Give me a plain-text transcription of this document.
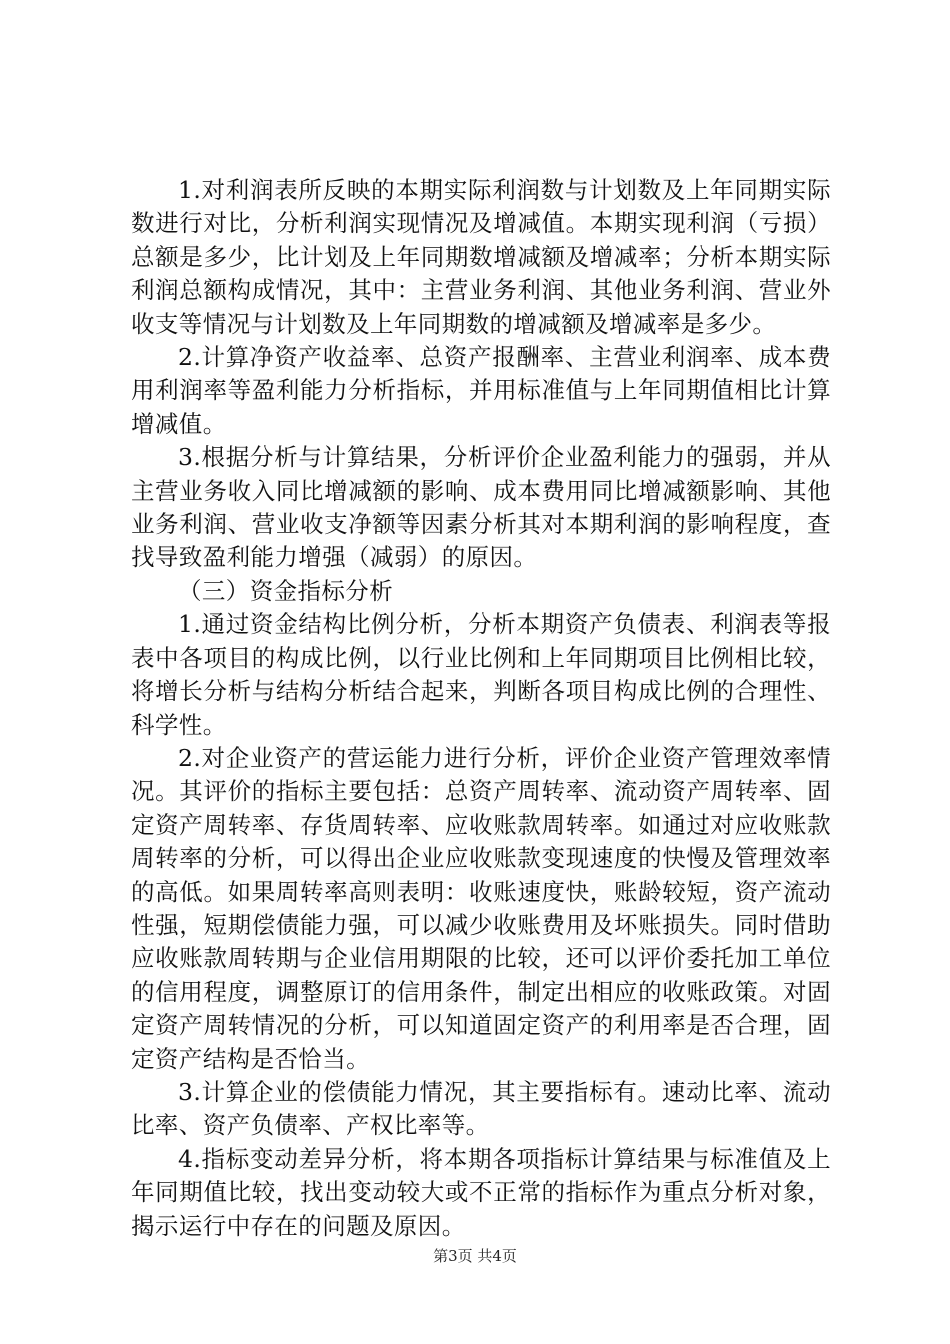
1.对利润表所反映的本期实际利润数与计划数及上年同期实际数进行对比，分析利润实现情况及增减值。本期实现利润（亏损）总额是多少，比计划及上年同期数增减额及增减率；分析本期实际利润总额构成情况，其中：主营业务利润、其他业务利润、营业外收支等情况与计划数及上年同期数的增减额及增减率是多少。

2.计算净资产收益率、总资产报酬率、主营业利润率、成本费用利润率等盈利能力分析指标，并用标准值与上年同期值相比计算增减值。

3.根据分析与计算结果，分析评价企业盈利能力的强弱，并从主营业务收入同比增减额的影响、成本费用同比增减额影响、其他业务利润、营业收支净额等因素分析其对本期利润的影响程度，查找导致盈利能力增强（减弱）的原因。

（三）资金指标分析

1.通过资金结构比例分析，分析本期资产负债表、利润表等报表中各项目的构成比例，以行业比例和上年同期项目比例相比较，将增长分析与结构分析结合起来，判断各项目构成比例的合理性、科学性。

2.对企业资产的营运能力进行分析，评价企业资产管理效率情况。其评价的指标主要包括：总资产周转率、流动资产周转率、固定资产周转率、存货周转率、应收账款周转率。如通过对应收账款周转率的分析，可以得出企业应收账款变现速度的快慢及管理效率的高低。如果周转率高则表明：收账速度快，账龄较短，资产流动性强，短期偿债能力强，可以减少收账费用及坏账损失。同时借助应收账款周转期与企业信用期限的比较，还可以评价委托加工单位的信用程度，调整原订的信用条件，制定出相应的收账政策。对固定资产周转情况的分析，可以知道固定资产的利用率是否合理，固定资产结构是否恰当。

3.计算企业的偿债能力情况，其主要指标有。速动比率、流动比率、资产负债率、产权比率等。

4.指标变动差异分析，将本期各项指标计算结果与标准值及上年同期值比较，找出变动较大或不正常的指标作为重点分析对象，揭示运行中存在的问题及原因。

第3页 共4页
